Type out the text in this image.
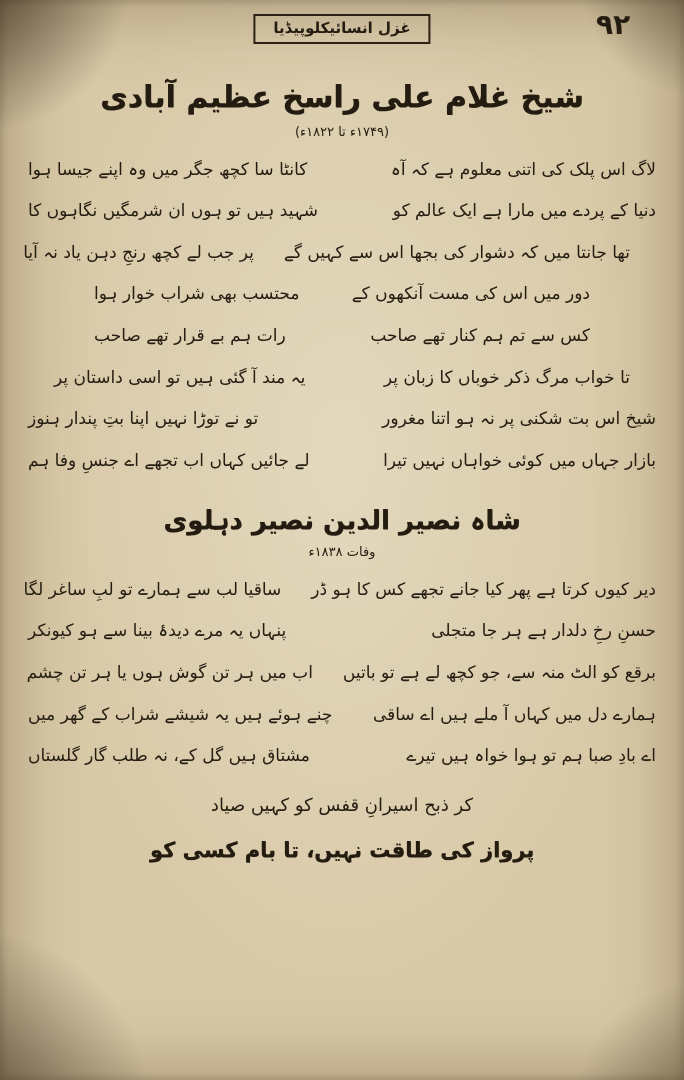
غزل انسائیکلوپیڈیا	۹۲
شیخ غلام علی راسخ عظیم آبادی
(۱۷۴۹ء تا ۱۸۲۲ء)
لاگ اس پلک کی اتنی معلوم ہے کہ آہ
کانٹا سا کچھ جگر میں وہ اپنے جیسا ہوا
دنیا کے پردے میں مارا ہے ایک عالم کو
شہید ہیں تو ہوں ان شرمگیں نگاہوں کا
تھا جانتا میں کہ دشوار کی بجھا اس سے کہیں گے
پر جب لے کچھ رنجِ دہن یاد نہ آیا
دور میں اس کی مست آنکھوں کے
محتسب بھی شراب خوار ہوا
کس سے تم ہم کنار تھے صاحب
رات ہم بے قرار تھے صاحب
تا خواب مرگ ذکر خوباں کا زبان پر
یہ مند آ گئی ہیں تو اسی داستان پر
شیخ اس بت شکنی پر نہ ہو اتنا مغرور
تو نے توڑا نہیں اپنا بتِ پندار ہنوز
بازار جہاں میں کوئی خواہاں نہیں تیرا
لے جائیں کہاں اب تجھے اے جنسِ وفا ہم
شاہ نصیر الدین نصیر دہلوی
وفات ۱۸۳۸ء
دیر کیوں کرتا ہے پھر کیا جانے تجھے کس کا ہو ڈر
ساقیا لب سے ہمارے تو لبِ ساغر لگا
حسنِ رخِ دلدار ہے ہر جا متجلی
پنہاں یہ مرے دیدۂ بینا سے ہو کیونکر
برقع کو الٹ منہ سے، جو کچھ لے ہے تو باتیں
اب میں ہر تن گوش ہوں یا ہر تن چشم
ہمارے دل میں کہاں آ ملے ہیں اے ساقی
چنے ہوئے ہیں یہ شیشے شراب کے گھر میں
اے بادِ صبا ہم تو ہوا خواہ ہیں تیرے
مشتاق ہیں گل کے، نہ طلب گار گلستاں
کر ذبح اسیرانِ قفس کو کہیں صیاد
پرواز کی طاقت نہیں، تا بام کسی کو
